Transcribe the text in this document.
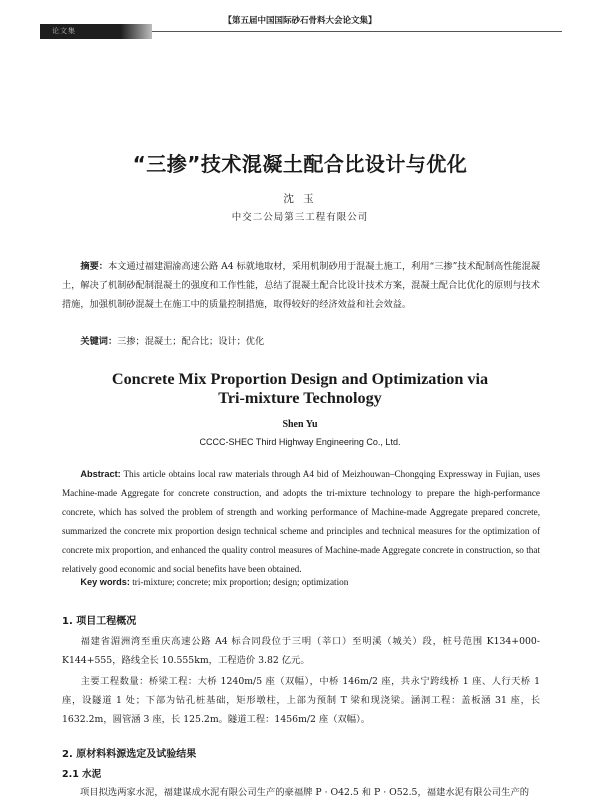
【第五届中国国际砂石骨料大会论文集】
论文集
“三掺”技术混凝土配合比设计与优化
沈 玉
中交二公局第三工程有限公司
摘要：本文通过福建湄渝高速公路 A4 标就地取材，采用机制砂用于混凝土施工，利用“三掺”技术配制高性能混凝土，解决了机制砂配制混凝土的强度和工作性能，总结了混凝土配合比设计技术方案，混凝土配合比优化的原则与技术措施，加强机制砂混凝土在施工中的质量控制措施，取得较好的经济效益和社会效益。
关键词：三掺；混凝土；配合比；设计；优化
Concrete Mix Proportion Design and Optimization via
Tri-mixture Technology
Shen Yu
CCCC-SHEC Third Highway Engineering Co., Ltd.
Abstract: This article obtains local raw materials through A4 bid of Meizhouwan–Chongqing Expressway in Fujian, uses Machine-made Aggregate for concrete construction, and adopts the tri-mixture technology to prepare the high-performance concrete, which has solved the problem of strength and working performance of Machine-made Aggregate prepared concrete, summarized the concrete mix proportion design technical scheme and principles and technical measures for the optimization of concrete mix proportion, and enhanced the quality control measures of Machine-made Aggregate concrete in construction, so that relatively good economic and social benefits have been obtained.
Key words: tri-mixture; concrete; mix proportion; design; optimization
1. 项目工程概况
福建省湄洲湾至重庆高速公路 A4 标合同段位于三明（莘口）至明溪（城关）段，桩号范围 K134+000-K144+555，路线全长 10.555km，工程造价 3.82 亿元。
主要工程数量：桥梁工程：大桥 1240m/5 座（双幅），中桥 146m/2 座，共永宁跨线桥 1 座、人行天桥 1 座，设隧道 1 处；下部为钻孔桩基础，矩形墩柱，上部为预制 T 梁和现浇梁。涵洞工程：盖板涵 31 座，长 1632.2m，圆管涵 3 座，长 125.2m。隧道工程：1456m/2 座（双幅）。
2. 原材料料源选定及试验结果
2.1 水泥
项目拟选两家水泥，福建谋成水泥有限公司生产的豪福牌 P · O42.5 和 P · O52.5，福建水泥有限公司生产的
